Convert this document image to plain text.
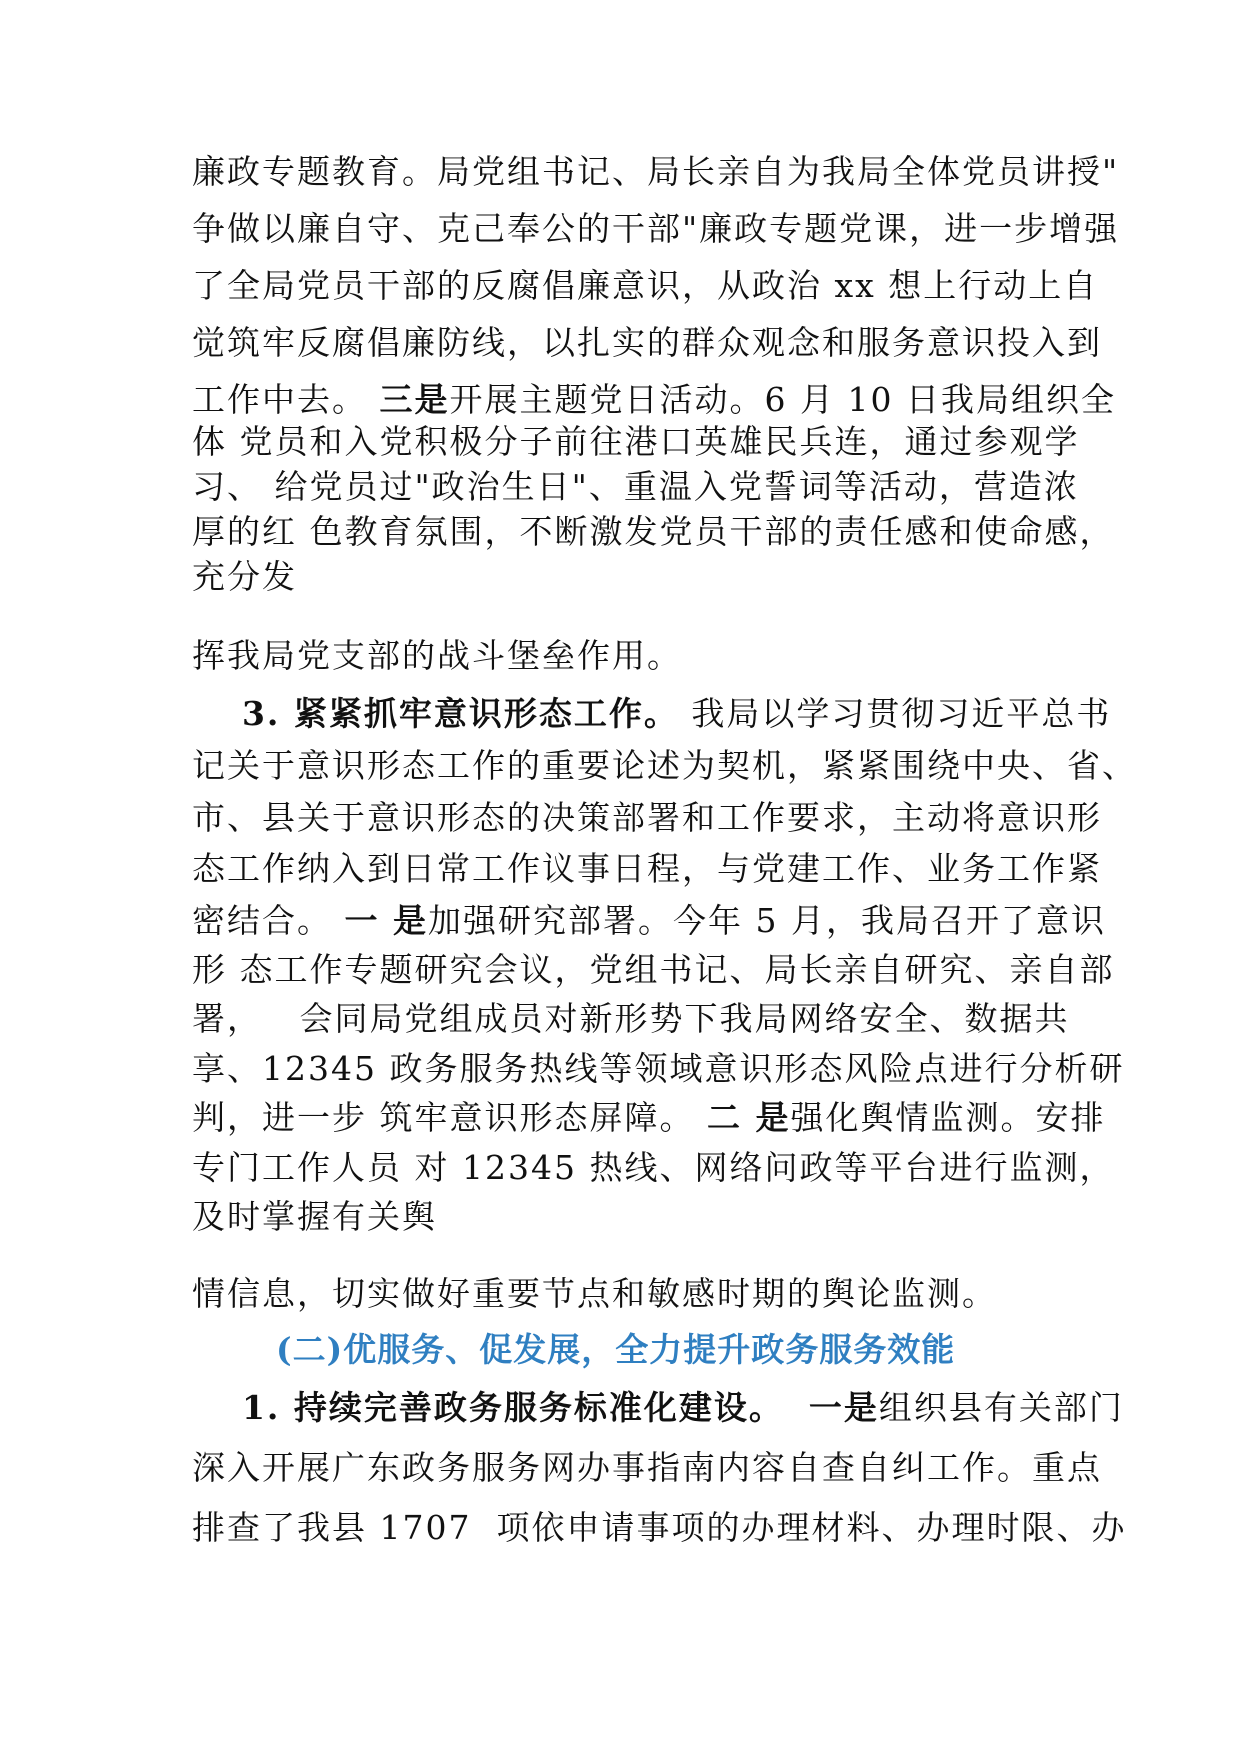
廉政专题教育。局党组书记、局长亲自为我局全体党员讲授"
争做以廉自守、克己奉公的干部"廉政专题党课，进一步增强
了全局党员干部的反腐倡廉意识，从政治 xx 想上行动上自
觉筑牢反腐倡廉防线，以扎实的群众观念和服务意识投入到
工作中去。 三是开展主题党日活动。6 月 10 日我局组织全
体 党员和入党积极分子前往港口英雄民兵连，通过参观学
习、 给党员过"政治生日"、重温入党誓词等活动，营造浓
厚的红 色教育氛围，不断激发党员干部的责任感和使命感，
充分发
挥我局党支部的战斗堡垒作用。
3. 紧紧抓牢意识形态工作。 我局以学习贯彻习近平总书
记关于意识形态工作的重要论述为契机，紧紧围绕中央、省、
市、县关于意识形态的决策部署和工作要求，主动将意识形
态工作纳入到日常工作议事日程，与党建工作、业务工作紧
密结合。 一 是加强研究部署。今年 5 月，我局召开了意识
形 态工作专题研究会议，党组书记、局长亲自研究、亲自部
署，   会同局党组成员对新形势下我局网络安全、数据共
享、12345 政务服务热线等领域意识形态风险点进行分析研
判，进一步 筑牢意识形态屏障。 二 是强化舆情监测。安排
专门工作人员 对 12345 热线、网络问政等平台进行监测，
及时掌握有关舆
情信息，切实做好重要节点和敏感时期的舆论监测。
(二)优服务、促发展，全力提升政务服务效能
1. 持续完善政务服务标准化建设。 一是组织县有关部门
深入开展广东政务服务网办事指南内容自查自纠工作。重点
排查了我县 1707  项依申请事项的办理材料、办理时限、办
